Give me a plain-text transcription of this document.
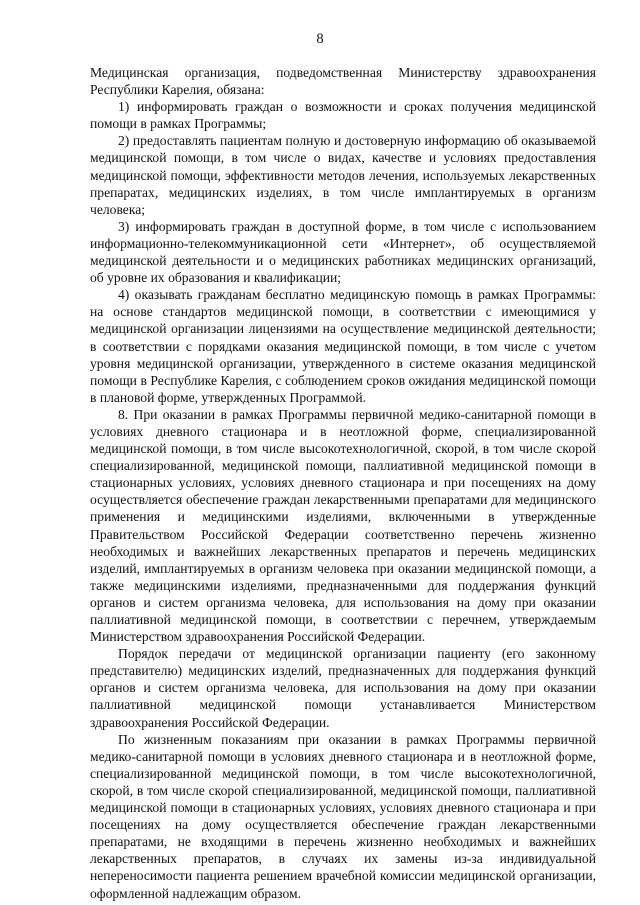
8

Медицинская организация, подведомственная Министерству здравоохранения Республики Карелия, обязана:

1) информировать граждан о возможности и сроках получения медицинской помощи в рамках Программы;

2) предоставлять пациентам полную и достоверную информацию об оказываемой медицинской помощи, в том числе о видах, качестве и условиях предоставления медицинской помощи, эффективности методов лечения, используемых лекарственных препаратах, медицинских изделиях, в том числе имплантируемых в организм человека;

3) информировать граждан в доступной форме, в том числе с использованием информационно-телекоммуникационной сети «Интернет», об осуществляемой медицинской деятельности и о медицинских работниках медицинских организаций, об уровне их образования и квалификации;

4) оказывать гражданам бесплатно медицинскую помощь в рамках Программы: на основе стандартов медицинской помощи, в соответствии с имеющимися у медицинской организации лицензиями на осуществление медицинской деятельности; в соответствии с порядками оказания медицинской помощи, в том числе с учетом уровня медицинской организации, утвержденного в системе оказания медицинской помощи в Республике Карелия, с соблюдением сроков ожидания медицинской помощи в плановой форме, утвержденных Программой.

8. При оказании в рамках Программы первичной медико-санитарной помощи в условиях дневного стационара и в неотложной форме, специализированной медицинской помощи, в том числе высокотехнологичной, скорой, в том числе скорой специализированной, медицинской помощи, паллиативной медицинской помощи в стационарных условиях, условиях дневного стационара и при посещениях на дому осуществляется обеспечение граждан лекарственными препаратами для медицинского применения и медицинскими изделиями, включенными в утвержденные Правительством Российской Федерации соответственно перечень жизненно необходимых и важнейших лекарственных препаратов и перечень медицинских изделий, имплантируемых в организм человека при оказании медицинской помощи, а также медицинскими изделиями, предназначенными для поддержания функций органов и систем организма человека, для использования на дому при оказании паллиативной медицинской помощи, в соответствии с перечнем, утверждаемым Министерством здравоохранения Российской Федерации.

Порядок передачи от медицинской организации пациенту (его законному представителю) медицинских изделий, предназначенных для поддержания функций органов и систем организма человека, для использования на дому при оказании паллиативной медицинской помощи устанавливается Министерством здравоохранения Российской Федерации.

По жизненным показаниям при оказании в рамках Программы первичной медико-санитарной помощи в условиях дневного стационара и в неотложной форме, специализированной медицинской помощи, в том числе высокотехнологичной, скорой, в том числе скорой специализированной, медицинской помощи, паллиативной медицинской помощи в стационарных условиях, условиях дневного стационара и при посещениях на дому осуществляется обеспечение граждан лекарственными препаратами, не входящими в перечень жизненно необходимых и важнейших лекарственных препаратов, в случаях их замены из-за индивидуальной непереносимости пациента решением врачебной комиссии медицинской организации, оформленной надлежащим образом.
